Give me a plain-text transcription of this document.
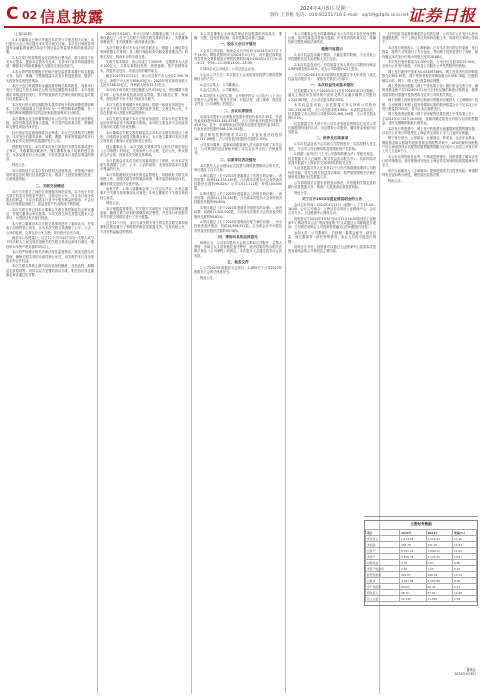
C 02 信息披露	2024年4月8日 星期一
制作 王春桃 电话：010-83251716 E-mail：zqrb9@zqrb.sina.net 证券日报

（上接C01版）

1.本行董事会已审议并通过本次发行方案及相关议案，本行股东大会已审议通过本次发行相关议案。本次发行尚需获得国家金融监督管理总局及中国证监会等监管机构的批准或注册。

2.本次发行的募集资金在扣除发行费用后，将全部用于补充本行资本，提高本行资本充足率，支持本行业务持续健康发展，增强本行风险抵御能力与服务实体经济能力。

3.本行将严格按照相关法律法规及监管要求履行信息披露义务，及时、准确、完整地披露本次发行的进展情况，敬请广大投资者注意投资风险。

本行于近日收到国家金融监督管理总局的批复，同意本行发行不超过人民币300亿元的无固定期限资本债券。本行将根据市场情况择机发行，并严格按照有关法律法规的规定及时履行信息披露义务。

本次发行的无固定期限资本债券采用分阶段调整的票面利率，自发行缴款截止日起每5年为一个票面利率调整期，在一个票面利率调整期内以约定的相同票面利率支付利息。

本行董事会及全体董事保证本公告内容不存在任何虚假记载、误导性陈述或者重大遗漏，并对其内容的真实性、准确性和完整性承担法律责任。

经中国证券监督管理委员会核准，本行已完成相关注册程序，本次发行的债券品种、规模、期限、利率等要素详见本行在上海证券交易所网站披露的发行公告。

根据相关规定，本行对本次发行涉及的关联交易事项进行了审议，关联董事回避表决，独立董事发表了同意的独立意见，本次交易定价公允合理，不存在损害本行及股东利益的情形。

特此公告。

本行将持续关注本次发行的相关进展情况，并按照法律法规的规定及时履行信息披露义务。敬请广大投资者理性投资，注意投资风险。

二、关联交易概述

本行与关联方之间的交易遵循市场化原则，以不优于对非关联方同类交易的条件进行，交易定价公允，符合本行和全体股东的利益，不存在损害本行及中小股东利益的情形，不会对本行的持续经营能力、损益及资产状况构成不利影响。

本次关联交易已经本行董事会关联交易控制委员会审议通过，并提交董事会审议批准。本次关联交易无需提交股东大会审议，无需经过有关部门批准。

本行独立董事对本次关联交易事项进行了事前认可，并发表了同意的独立意见，认为本次关联交易遵循了公平、公正、公开的原则，交易定价公允合理，审议程序合法合规。

截至本公告披露日，过去12个月内本行与同一关联人或与不同关联人之间交易类别相关的关联交易未达到本行最近一期经审计净资产绝对值的5%以上。

本行将严格遵守相关法律法规及监管规定，规范关联交易管理，确保关联交易的合规性和公允性，切实维护本行及全体股东的合法权益。

本次关联交易的主要内容包括授信额度、业务品种、期限及定价原则等，具体以双方签署的协议为准，相关协议将在董事会审议通过后签署。

2024年3月29日，本行召开第八届董事会第三十次会议，审议通过了《关于与关联方开展关联交易的议案》，关联董事回避表决，非关联董事一致同意该议案。

本次关联交易对方为本行的关联法人，根据《上海证券交易所股票上市规则》及《银行保险机构关联交易管理办法》的相关规定，构成本行的关联交易。

关联方基本情况：该公司成立于2005年，注册资本为人民币100亿元，主要从事股权投资、投资管理、资产管理等业务，经营状况良好，具备良好的履约能力。

截至2023年12月31日，该公司总资产为人民币2,356.78亿元，净资产为人民币856.43亿元；2023年度实现营业收入人民币186.52亿元，净利润人民币52.37亿元。

本行给予该关联方授信额度人民币50亿元，授信期限不超过3年，业务品种包括流动资金贷款、银行承兑汇票、保函等，授信条件不优于本行同类非关联方。

本次关联交易遵循市场化原则，按照一般商业条款进行，以不优于对非关联方同类交易的条件开展，交易定价公允，不存在损害本行及股东利益的情形。

本次关联交易属于本行正常业务范围，对本行的正常经营活动及财务状况不构成重大影响，本行的主要业务不会因此类交易而对关联方形成依赖。

本行董事会关联交易控制委员会对本次关联交易进行了审核，同意将该议案提交董事会审议。本行独立董事对本次关联交易发表了事前认可意见和独立意见。

独立董事认为：本次关联交易事项符合相关法律法规及《公司章程》的规定，交易条件公平合理，定价公允，审议程序合法合规，同意本次关联交易事项。

本行监事会对本次关联交易事项进行了审核，认为本次关联交易遵循了公开、公平、公正的原则，未发现损害本行及股东利益的行为。

本行将按照相关法律法规及监管规定，持续做好关联交易管理工作，加强关联交易的事前审查、事中监控和事后评估，确保关联交易依法合规开展。

备查文件：1.第八届董事会第三十次会议决议；2.独立董事关于关联交易的事前认可意见；3.独立董事关于关联交易的独立意见。

特此公告。

本行根据监管要求，对关联方名单进行了动态管理和定期更新，确保关联方识别的准确性和完整性，并在本行年度报告中对关联交易情况进行了充分披露。

过去12个月内，本行与该关联方发生的各类关联交易均按照相关规定履行了审批程序和信息披露义务，交易价格公允，不存在利益输送的情形。

本公司及董事会全体成员保证信息披露的内容真实、准确、完整，没有虚假记载、误导性陈述或重大遗漏。

一、股东大会召开情况

1.会议召开时间：现场会议召开时间为2024年4月7日下午14:30；网络投票时间为2024年4月7日，其中通过深圳证券交易所交易系统进行网络投票的时间为2024年4月7日9:15—9:25，9:30—11:30和13:00—15:00。

2.现场会议召开地点：公司总部会议室。

3.会议召开方式：本次股东大会采取现场投票与网络投票相结合的方式。

4.会议召集人：公司董事会。

5.会议主持人：公司董事长。

6.本次股东大会的召集、召开程序符合《公司法》《上市公司股东大会规则》等有关法律、行政法规、部门规章、规范性文件及《公司章程》的规定。

二、会议出席情况

出席本次股东大会的股东及股东授权代表共计35名，代表有表决权股份612,345,678股，占公司有表决权股份总数的45.67%。其中，出席现场会议的股东及股东授权代表共8名，代表有表决权股份586,234,512股。

通过网络投票的股东共27名，代表有表决权股份26,111,166股，占公司有表决权股份总数的1.95%。

公司部分董事、监事和高级管理人员出席或列席了本次会议，公司聘请的见证律师列席了本次会议并出具了法律意见书。

三、议案审议表决情况

本次股东大会以现场记名投票与网络投票相结合的方式，审议通过了以下议案：

1.审议通过《关于2023年度董事会工作报告的议案》。表决结果：同意611,234,567股，占出席本次股东大会有效表决权股份总数的99.82%；反对1,011,111股；弃权100,000股。

2.审议通过《关于2023年度监事会工作报告的议案》。表决结果：同意611,134,567股，占出席本次股东大会有效表决权股份总数的99.80%。

3.审议通过《关于2023年度财务决算报告的议案》。表决结果：同意611,200,000股，占出席本次股东大会有效表决权股份总数的99.81%。

4.审议通过《关于2023年度利润分配方案的议案》，中小投资者表决情况：同意24,956,321股，占出席会议中小股东有效表决权股份总数的95.58%。

四、律师出具的法律意见

律师认为，公司本次股东大会的召集和召开程序、召集人资格、出席会议人员资格及表决程序、表决结果均符合相关法律法规及《公司章程》的规定，本次股东大会通过的决议合法有效。

五、备查文件

1.公司2023年度股东大会决议；2.律师关于公司2023年度股东大会的法律意见书。

特此公告。

本公司董事会及全体董事保证本公告内容不存在任何虚假记载、误导性陈述或者重大遗漏，并对其内容的真实性、准确性和完整性承担法律责任。

重要内容提示

1.本次权益变动属于增持，不触及要约收购，不会导致公司控股股东及实际控制人发生变化。

2.本次权益变动后，信息披露义务人持有公司股份比例由4.98%增加至5.01%，成为公司持股5%以上股东。

公司于2024年4月3日收到信息披露义务人出具的《简式权益变动报告书》，现将有关情况公告如下：

一、本次权益变动基本情况

信息披露义务人于2024年3月1日至2024年4月3日期间，通过上海证券交易所集中竞价交易方式累计增持公司股份1,234,567股，占公司总股本的0.03%。

本次权益变动前，信息披露义务人持有公司股份201,234,567股，占公司总股本的4.98%；本次权益变动后，信息披露义务人持有公司股份202,469,134股，占公司总股本的5.01%。

信息披露义务人基于对公司未来发展前景的信心及对公司长期投资价值的认可，决定增持公司股份，增持资金来源为自有资金。

二、所涉及后续事项

1.本次权益变动不会导致公司控股股东、实际控制人发生变化，不会对公司治理结构及持续经营产生影响。

2.根据《证券法》《上市公司收购管理办法》等相关规定，信息披露义务人已编制《简式权益变动报告书》，具体内容详见同日披露于上海证券交易所网站的相关文件。

3.信息披露义务人在未来12个月内不排除继续增持公司股份的可能，若发生相关权益变动事项，将严格按照相关法律法规的规定履行信息披露义务。

公司将持续关注股东持股变动情况，并依据相关规定及时履行信息披露义务，敬请广大投资者注意投资风险。

特此公告。

关于召开2023年度业绩说明会的公告

会议召开时间：2024年4月15日（星期一）下午15:00—16:00；会议召开地点：上海证券交易所上证路演中心；会议召开方式：上证路演中心网络互动。

投资者可于2024年4月8日至4月12日16:00前登录上证路演中心网站首页点击“提问预征集”栏目或通过公司邮箱进行提问，公司将在说明会上对投资者普遍关注的问题进行回答。

参加人员：公司董事长、总经理、董事会秘书、财务总监、独立董事等（如有特殊情况，参会人员将可能进行调整）。

说明会召开后，投资者可以通过上证路演中心查看本次投资者说明会的召开情况及主要内容。

经中国证券监督管理委员会同意注册，公司首次公开发行人民币普通股股票，并于上海证券交易所科创板上市，现将有关事项公告如下。

本次发行的保荐人（主承销商）已对本次发行的定价原则、发行数量、配售方式等进行了充分论证，并向网下投资者进行了询价，最终确定本次发行价格为每股人民币28.88元。

本次发行股份数量为5,000万股，占发行后总股本的25.00%，全部为公开发行新股，不涉及公司股东公开发售股份的情形。

网上发行最终中签率为0.03456789%，网上投资者有效申购倍数为2,892.87倍，网下投资者有效申购倍数为3,456.78倍，回拨机制启动后，网下、网上发行数量相应调整。

网上投资者应根据《网上中签结果公告》履行资金交收义务，确保其资金账户在2024年4月10日日终有足额的新股认购资金，投资者款项划付需遵守投资者所在证券公司的相关规定。

网下和网上投资者放弃认购部分的股份由保荐人（主承销商）包销。当出现网下和网上投资者缴款认购的股份数量合计不足本次公开发行数量的70%时，将中止本次新股发行。

网下投资者应根据《网下初步配售结果及网上中签结果公告》，于2024年4月10日16:00前，按最终确定的发行价格与初步配售数量，及时足额缴纳新股认购资金。

本次发行的股票中，网上发行的股票无流通限制及限售期安排，自本次公开发行的股票在上海证券交易所上市之日起即可流通。

网下发行部分，公募基金、社保基金、养老金、企业年金基金、保险资金和合格境外投资者资金等配售对象中，10%的最终获配账户应当承诺获得本次配售的股票限售期限为自发行人首次公开发行并上市之日起6个月。

本公告仅供投资者参考，不构成投资建议，投资者欲了解本次发行的详细情况，请仔细阅读刊登在上海证券交易所网站的招股意向书全文。

发行人和保荐人（主承销商）提请投资者关注投资风险，审慎研判发行定价的合理性，理性做出投资决策。

特此公告。

主要财务数据
项目	2023年	2022年	增减(%)
营业收入	1,234.56	1,102.34	11.99
净利润	256.78	231.45	10.94
总资产	8,765.43	7,890.12	11.09
净资产	3,456.78	3,123.45	10.67
每股收益	0.56	0.51	9.80
净资产收益率	7.62	7.55	0.07
经营现金流	345.67	298.76	15.70
总股本	4,567.89	4,567.89	0.00
资产负债率	60.56	60.41	0.15
研发投入	98.76	87.65	12.68
员工人数	12,345	11,987	2.99
董事会
2024年4月8日
